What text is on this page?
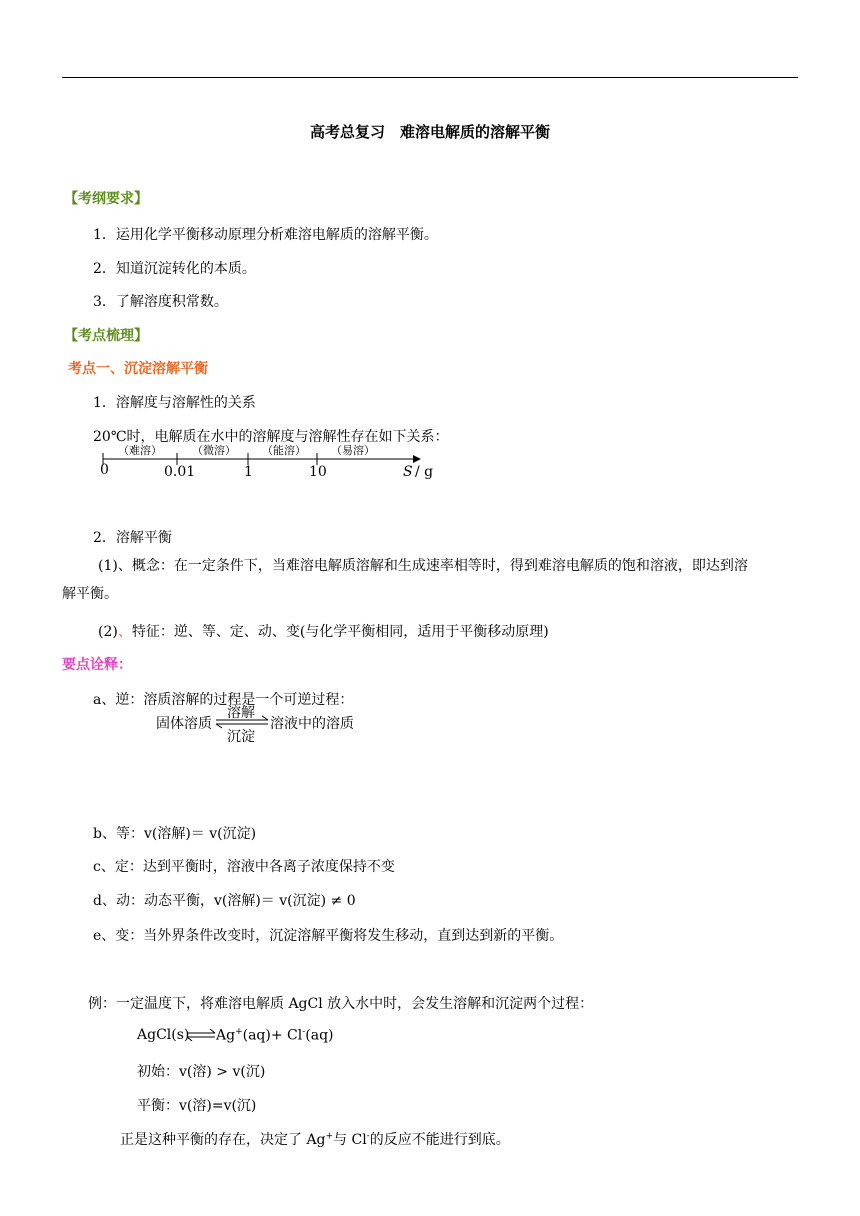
高考总复习　难溶电解质的溶解平衡
【考纲要求】
1．运用化学平衡移动原理分析难溶电解质的溶解平衡。
2．知道沉淀转化的本质。
3．了解溶度积常数。
【考点梳理】
考点一、沉淀溶解平衡
1．溶解度与溶解性的关系
20℃时，电解质在水中的溶解度与溶解性存在如下关系：
（难溶）	（微溶） （能溶） （易溶）
0	0.01	1	10	S / g
2．溶解平衡
(1)、概念：在一定条件下，当难溶电解质溶解和生成速率相等时，得到难溶电解质的饱和溶液，即达到溶
解平衡。
(2)、特征：逆、等、定、动、变(与化学平衡相同，适用于平衡移动原理)
要点诠释：
a、逆：溶质溶解的过程是一个可逆过程：
固体溶质
溶解
沉淀
⇌ 溶液中的溶质
b、等：v(溶解)＝ v(沉淀)
c、定：达到平衡时，溶液中各离子浓度保持不变
d、动：动态平衡，v(溶解)＝ v(沉淀) ≠ 0
e、变：当外界条件改变时，沉淀溶解平衡将发生移动，直到达到新的平衡。
例：一定温度下，将难溶电解质 AgCl 放入水中时，会发生溶解和沉淀两个过程：
AgCl(s) Ag+(aq)+ Cl-(aq)
初始：v(溶) > v(沉)
平衡：v(溶)=v(沉)
正是这种平衡的存在，决定了 Ag+与 Cl-的反应不能进行到底。
